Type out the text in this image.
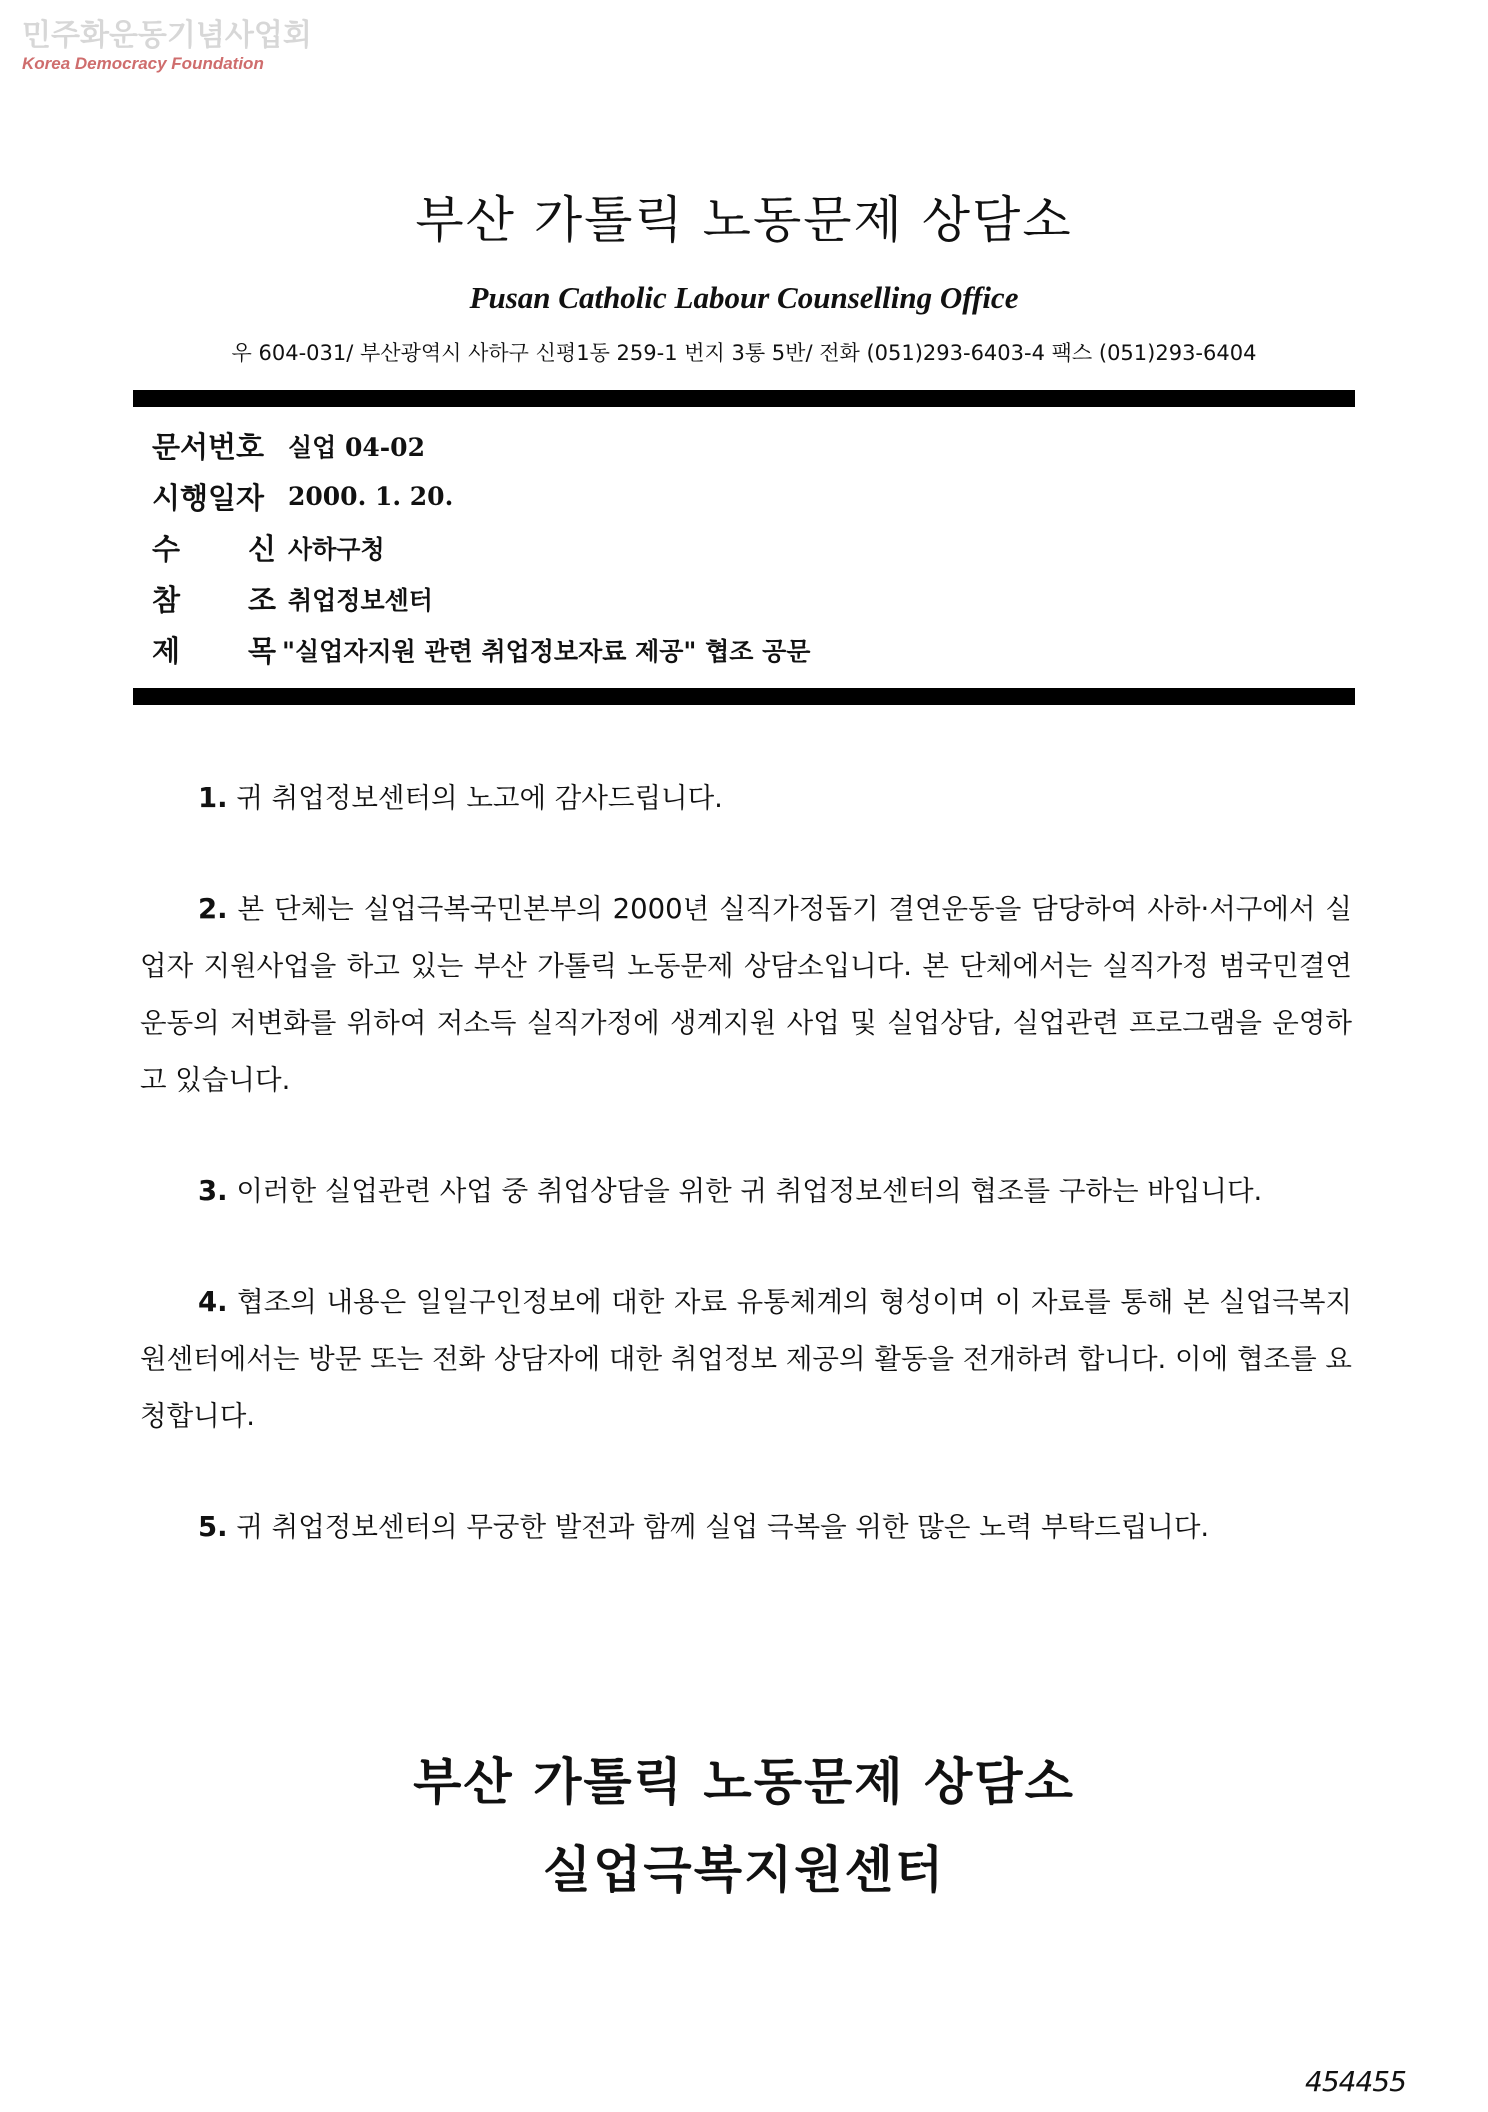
민주화운동기념사업회
Korea Democracy Foundation
부산 가톨릭 노동문제 상담소
Pusan Catholic Labour Counselling Office
우 604-031/ 부산광역시 사하구 신평1동 259-1 번지 3통 5반/ 전화 (051)293-6403-4 팩스 (051)293-6404
문서번호 실업 04-02
시행일자 2000. 1. 20.
수 신 사하구청
참 조 취업정보센터
제 목 "실업자지원 관련 취업정보자료 제공" 협조 공문

1. 귀 취업정보센터의 노고에 감사드립니다.

2. 본 단체는 실업극복국민본부의 2000년 실직가정돕기 결연운동을 담당하여 사하·서구에서 실업자 지원사업을 하고 있는 부산 가톨릭 노동문제 상담소입니다. 본 단체에서는 실직가정 범국민결연운동의 저변화를 위하여 저소득 실직가정에 생계지원 사업 및 실업상담, 실업관련 프로그램을 운영하고 있습니다.

3. 이러한 실업관련 사업 중 취업상담을 위한 귀 취업정보센터의 협조를 구하는 바입니다.

4. 협조의 내용은 일일구인정보에 대한 자료 유통체계의 형성이며 이 자료를 통해 본 실업극복지원센터에서는 방문 또는 전화 상담자에 대한 취업정보 제공의 활동을 전개하려 합니다. 이에 협조를 요청합니다.

5. 귀 취업정보센터의 무궁한 발전과 함께 실업 극복을 위한 많은 노력 부탁드립니다.

부산 가톨릭 노동문제 상담소
실업극복지원센터
454455
